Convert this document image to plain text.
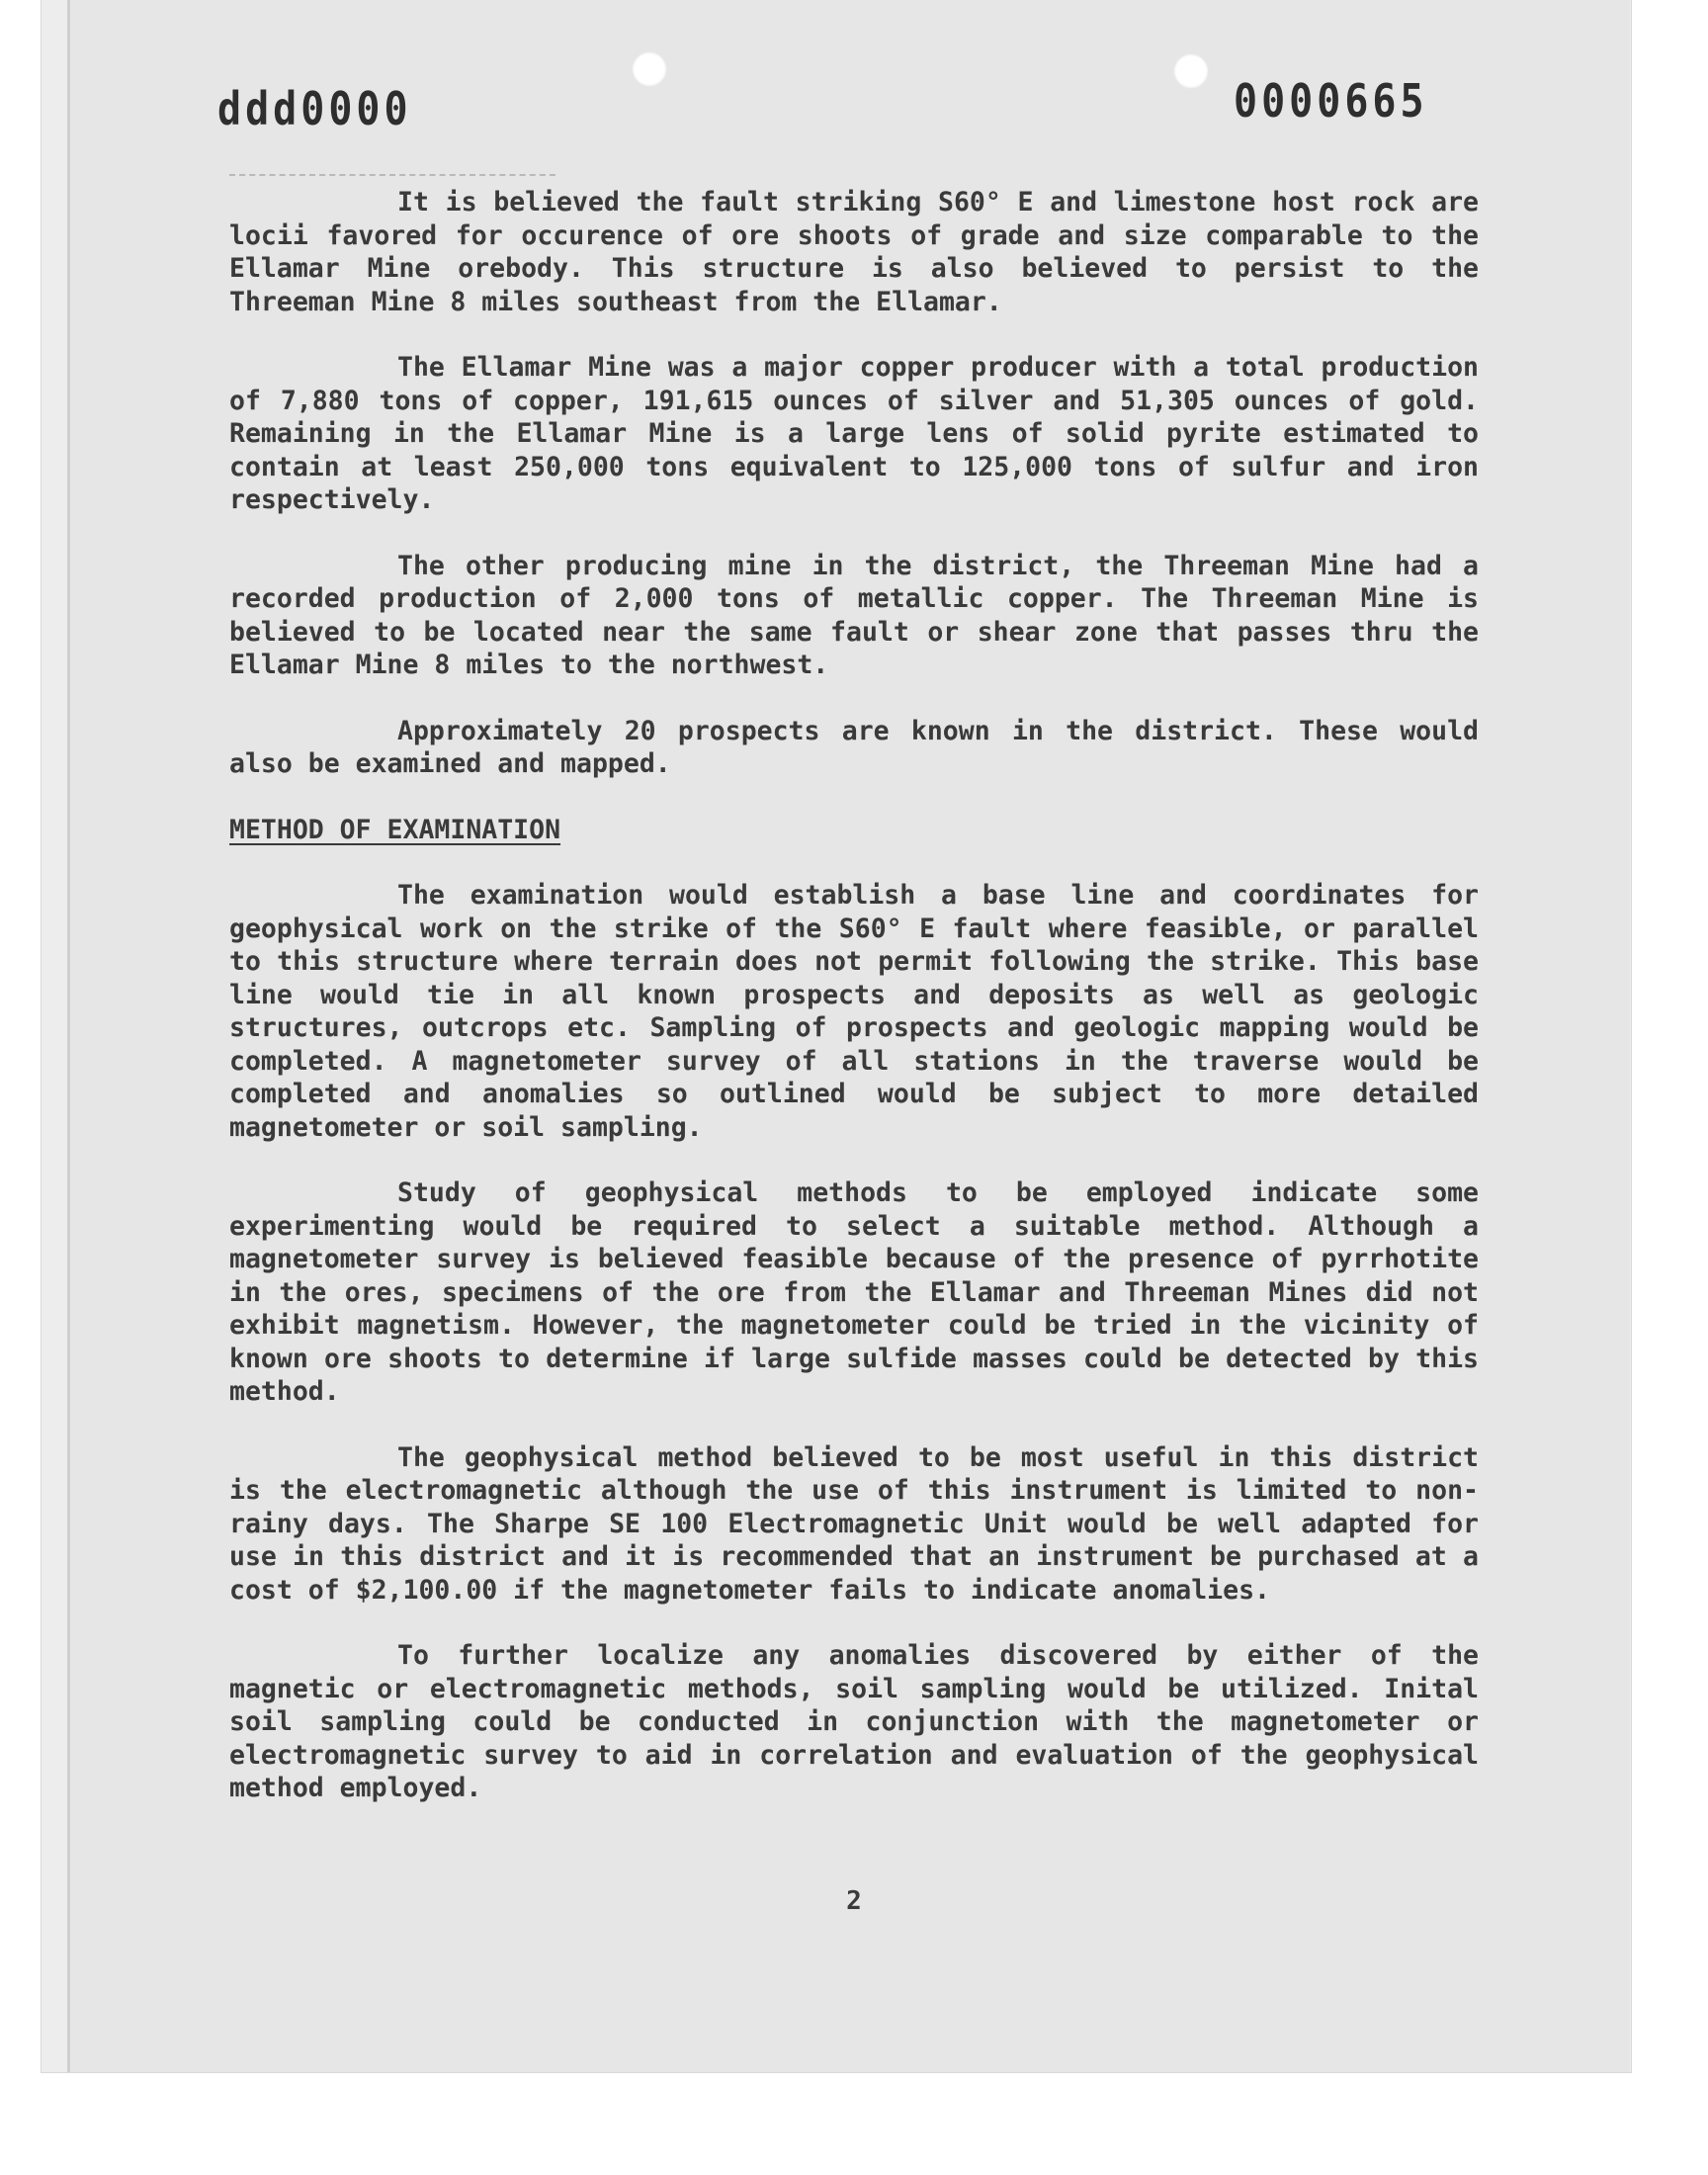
ddd0000	0000665

It is believed the fault striking S60° E and limestone host rock are locii favored for occurence of ore shoots of grade and size comparable to the Ellamar Mine orebody. This structure is also believed to persist to the Threeman Mine 8 miles southeast from the Ellamar.

The Ellamar Mine was a major copper producer with a total production of 7,880 tons of copper, 191,615 ounces of silver and 51,305 ounces of gold. Remaining in the Ellamar Mine is a large lens of solid pyrite estimated to contain at least 250,000 tons equivalent to 125,000 tons of sulfur and iron respectively.

The other producing mine in the district, the Threeman Mine had a recorded production of 2,000 tons of metallic copper. The Threeman Mine is believed to be located near the same fault or shear zone that passes thru the Ellamar Mine 8 miles to the northwest.

Approximately 20 prospects are known in the district. These would also be examined and mapped.

METHOD OF EXAMINATION

The examination would establish a base line and coordinates for geophysical work on the strike of the S60° E fault where feasible, or parallel to this structure where terrain does not permit following the strike. This base line would tie in all known prospects and deposits as well as geologic structures, outcrops etc. Sampling of prospects and geologic mapping would be completed. A magnetometer survey of all stations in the traverse would be completed and anomalies so outlined would be subject to more detailed magnetometer or soil sampling.

Study of geophysical methods to be employed indicate some experimenting would be required to select a suitable method. Although a magnetometer survey is believed feasible because of the presence of pyrrhotite in the ores, specimens of the ore from the Ellamar and Threeman Mines did not exhibit magnetism. However, the magnetometer could be tried in the vicinity of known ore shoots to determine if large sulfide masses could be detected by this method.

The geophysical method believed to be most useful in this district is the electromagnetic although the use of this instrument is limited to non-rainy days. The Sharpe SE 100 Electromagnetic Unit would be well adapted for use in this district and it is recommended that an instrument be purchased at a cost of $2,100.00 if the magnetometer fails to indicate anomalies.

To further localize any anomalies discovered by either of the magnetic or electromagnetic methods, soil sampling would be utilized. Inital soil sampling could be conducted in conjunction with the magnetometer or electromagnetic survey to aid in correlation and evaluation of the geophysical method employed.

2
